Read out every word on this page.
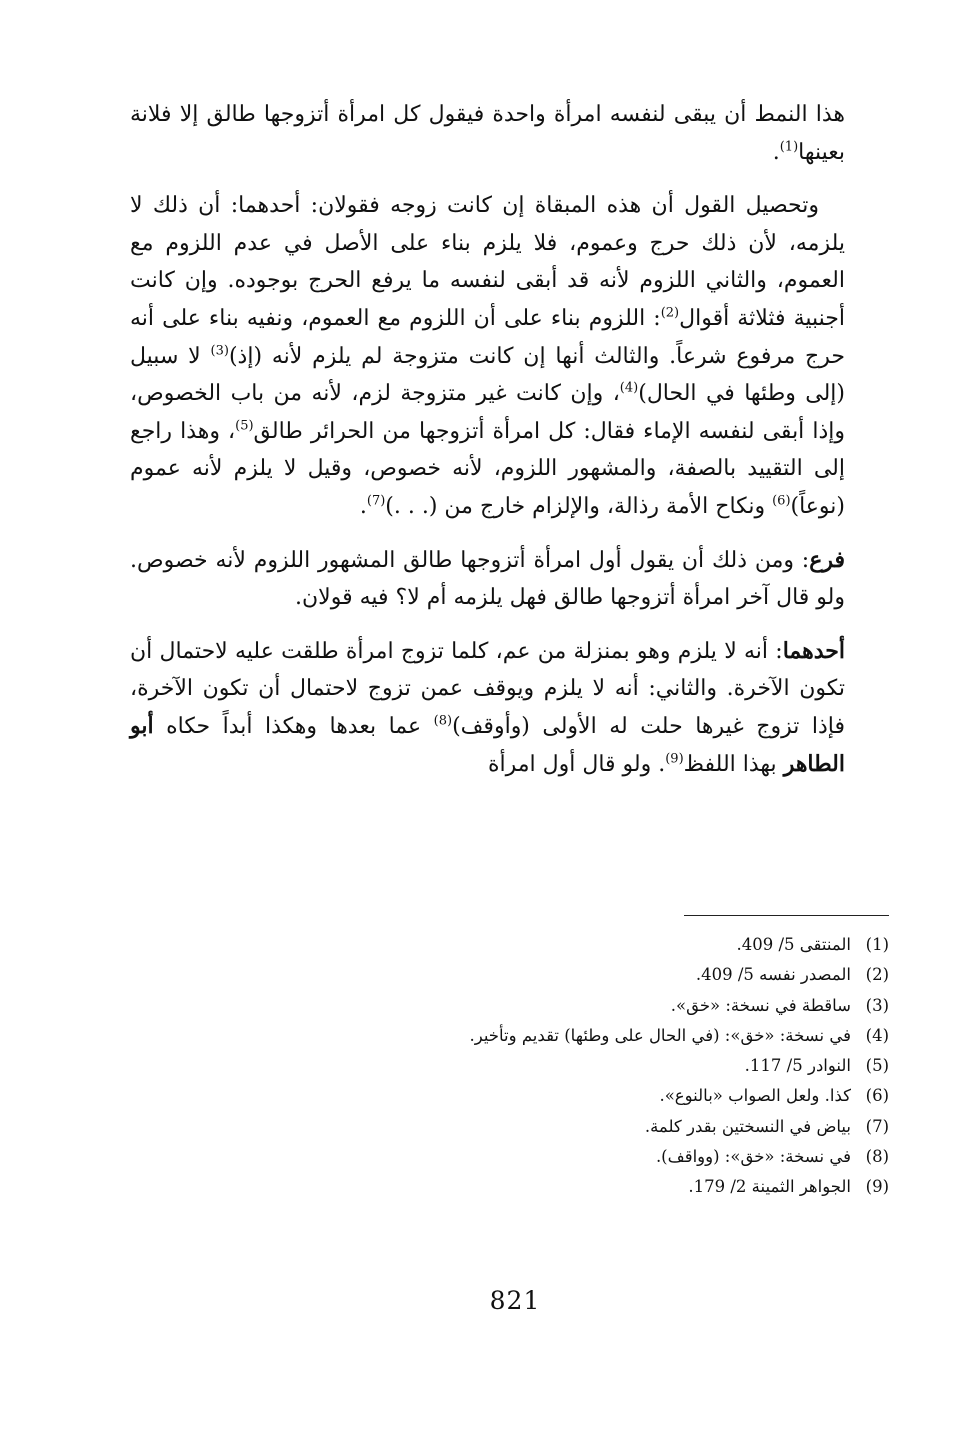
هذا النمط أن يبقى لنفسه امرأة واحدة فيقول كل امرأة أتزوجها طالق إلا فلانة بعينها$^{(1)}$.

وتحصيل القول أن هذه المبقاة إن كانت زوجه فقولان: أحدهما: أن ذلك لا يلزمه، لأن ذلك حرج وعموم، فلا يلزم بناء على الأصل في عدم اللزوم مع العموم، والثاني اللزوم لأنه قد أبقى لنفسه ما يرفع الحرج بوجوده. وإن كانت أجنبية فثلاثة أقوال$^{(2)}$: اللزوم بناء على أن اللزوم مع العموم، ونفيه بناء على أنه حرج مرفوع شرعاً. والثالث أنها إن كانت متزوجة لم يلزم لأنه (إذ)$^{(3)}$ لا سبيل (إلى وطئها في الحال)$^{(4)}$، وإن كانت غير متزوجة لزم، لأنه من باب الخصوص، وإذا أبقى لنفسه الإماء فقال: كل امرأة أتزوجها من الحرائر طالق$^{(5)}$، وهذا راجع إلى التقييد بالصفة، والمشهور اللزوم، لأنه خصوص، وقيل لا يلزم لأنه عموم (نوعاً)$^{(6)}$ ونكاح الأمة رذالة، والإلزام خارج من (. . .)$^{(7)}$.

فرع: ومن ذلك أن يقول أول امرأة أتزوجها طالق المشهور اللزوم لأنه خصوص. ولو قال آخر امرأة أتزوجها طالق فهل يلزمه أم لا؟ فيه قولان.

أحدهما: أنه لا يلزم وهو بمنزلة من عم، كلما تزوج امرأة طلقت عليه لاحتمال أن تكون الآخرة. والثاني: أنه لا يلزم ويوقف عمن تزوج لاحتمال أن تكون الآخرة، فإذا تزوج غيرها حلت له الأولى (وأوقف)$^{(8)}$ عما بعدها وهكذا أبداً حكاه أبو الطاهر بهذا اللفظ$^{(9)}$. ولو قال أول امرأة

(1)
المنتقى 5/ 409.
(2)
المصدر نفسه 5/ 409.
(3)
ساقطة في نسخة: «خق».
(4)
في نسخة: «خق»: (في الحال على وطئها) تقديم وتأخير.
(5)
النوادر 5/ 117.
(6)
كذا. ولعل الصواب «بالنوع».
(7)
بياض في النسختين بقدر كلمة.
(8)
في نسخة: «خق»: (وواقف).
(9)
الجواهر الثمينة 2/ 179.
821
